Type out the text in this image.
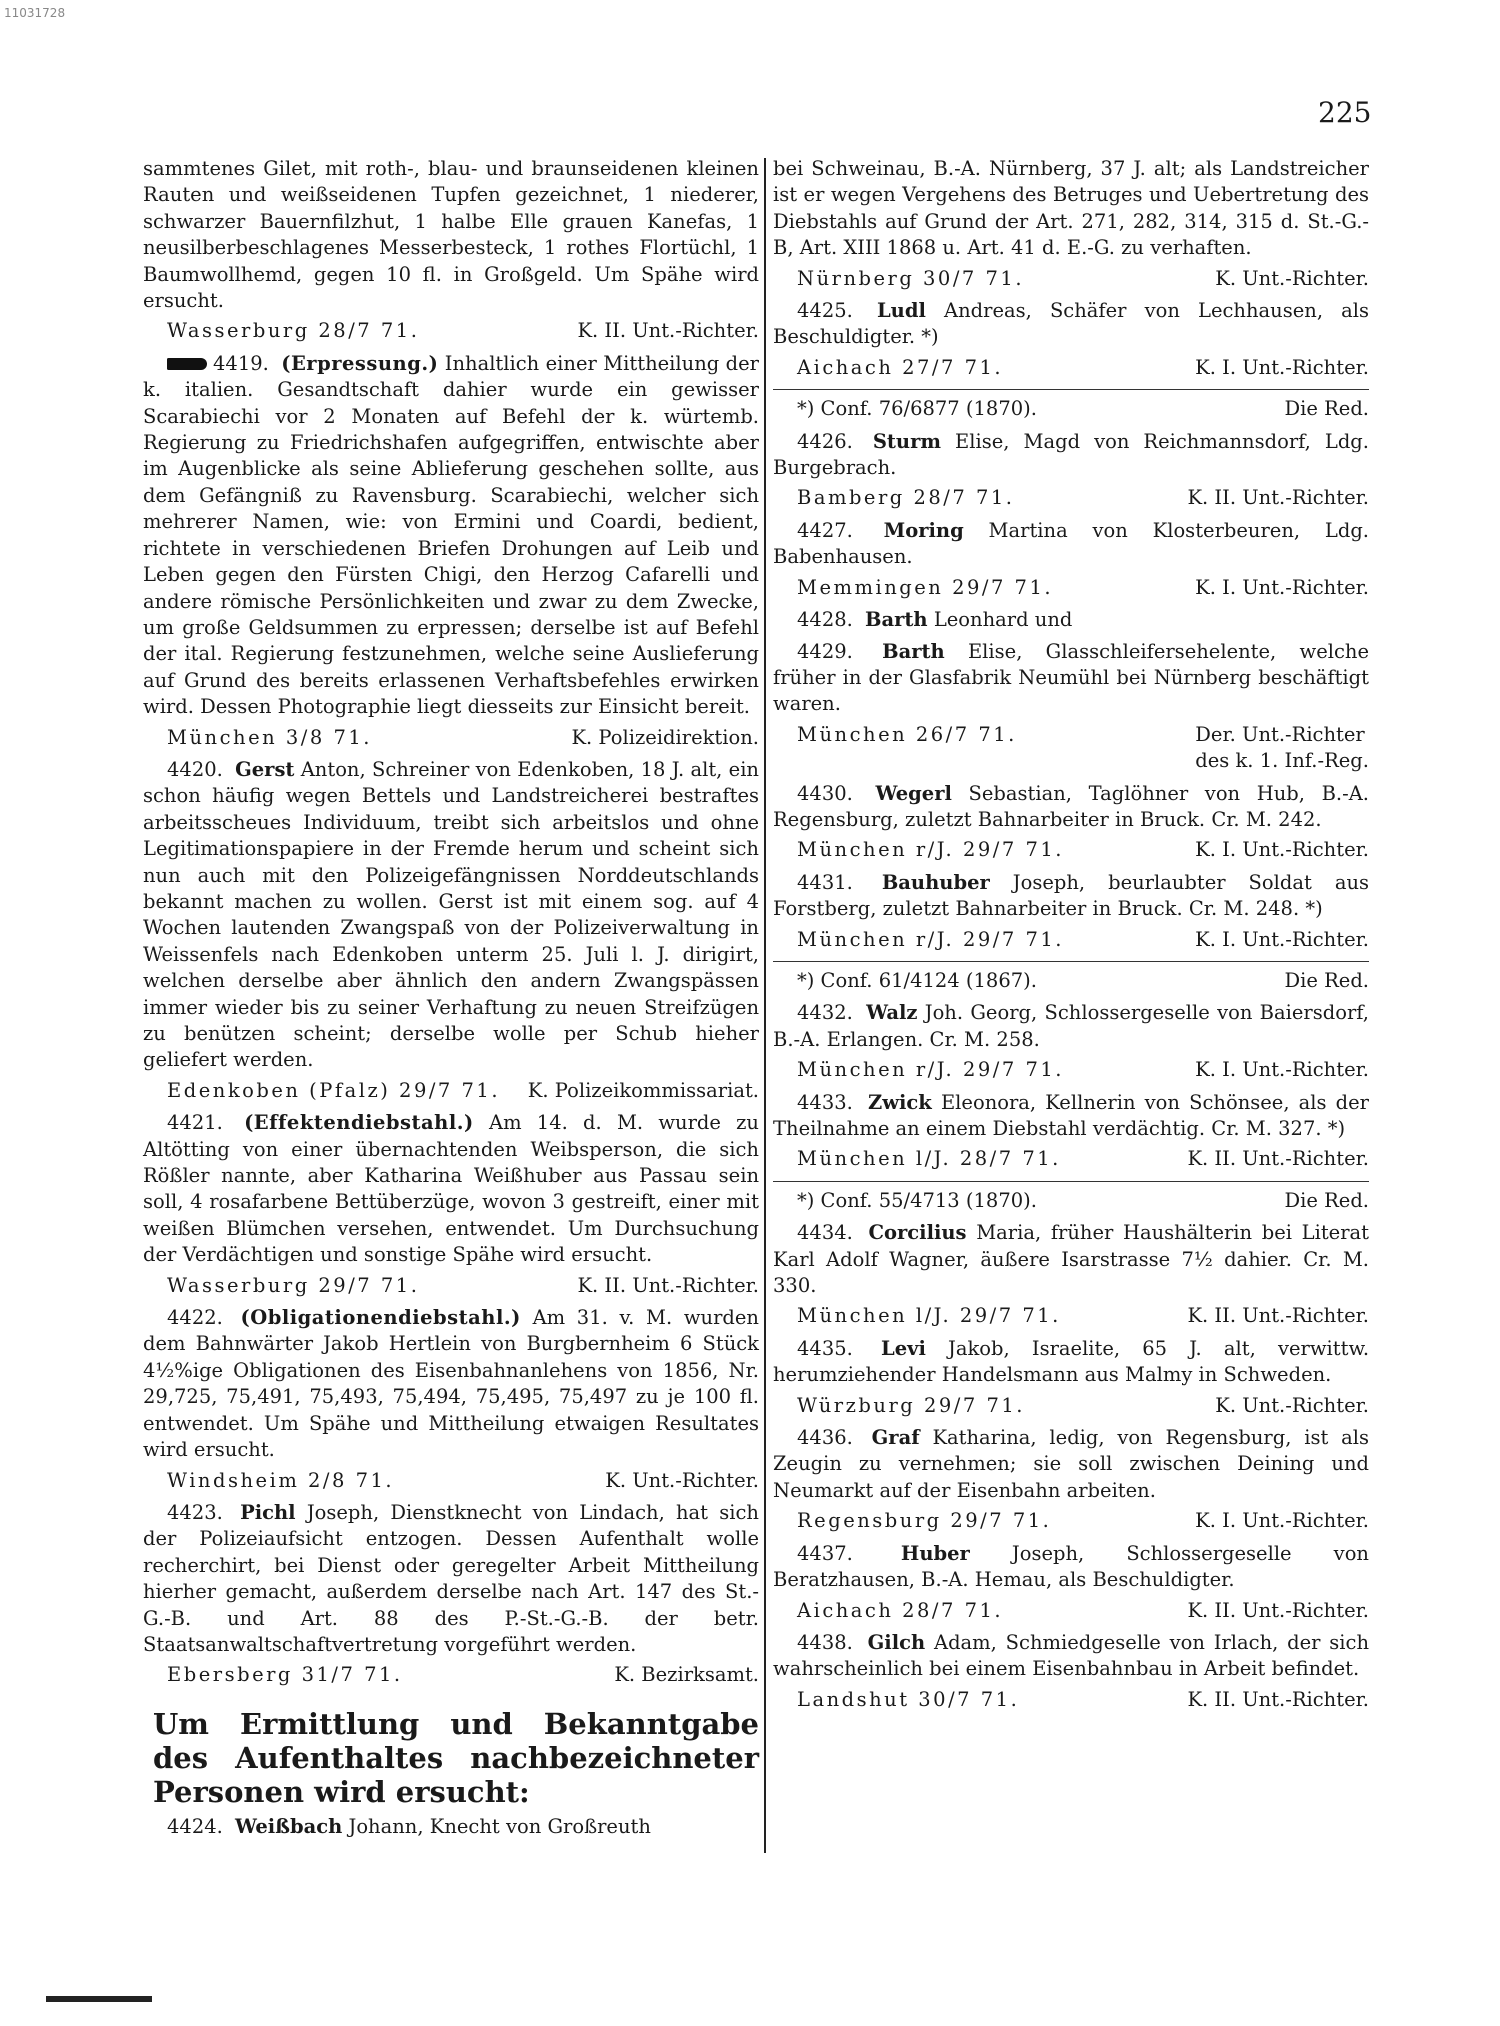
11031728
225

sammtenes Gilet, mit roth-, blau- und braunseidenen kleinen Rauten und weißseidenen Tupfen gezeichnet, 1 niederer, schwarzer Bauernfilzhut, 1 halbe Elle grauen Kanefas, 1 neusilberbeschlagenes Messerbesteck, 1 rothes Flortüchl, 1 Baumwollhemd, gegen 10 fl. in Großgeld. Um Spähe wird ersucht.

Wasserburg 28/7 71.	K. II. Unt.-Richter.

4419. (Erpressung.) Inhaltlich einer Mittheilung der k. italien. Gesandtschaft dahier wurde ein gewisser Scarabiechi vor 2 Monaten auf Befehl der k. würtemb. Regierung zu Friedrichshafen aufgegriffen, entwischte aber im Augenblicke als seine Ablieferung geschehen sollte, aus dem Gefängniß zu Ravensburg. Scarabiechi, welcher sich mehrerer Namen, wie: von Ermini und Coardi, bedient, richtete in verschiedenen Briefen Drohungen auf Leib und Leben gegen den Fürsten Chigi, den Herzog Cafarelli und andere römische Persönlichkeiten und zwar zu dem Zwecke, um große Geldsummen zu erpressen; derselbe ist auf Befehl der ital. Regierung festzunehmen, welche seine Auslieferung auf Grund des bereits erlassenen Verhaftsbefehles erwirken wird. Dessen Photographie liegt diesseits zur Einsicht bereit.

München 3/8 71.	K. Polizeidirektion.

4420. Gerst Anton, Schreiner von Edenkoben, 18 J. alt, ein schon häufig wegen Bettels und Landstreicherei bestraftes arbeitsscheues Individuum, treibt sich arbeitslos und ohne Legitimationspapiere in der Fremde herum und scheint sich nun auch mit den Polizeigefängnissen Norddeutschlands bekannt machen zu wollen. Gerst ist mit einem sog. auf 4 Wochen lautenden Zwangspaß von der Polizeiverwaltung in Weissenfels nach Edenkoben unterm 25. Juli l. J. dirigirt, welchen derselbe aber ähnlich den andern Zwangspässen immer wieder bis zu seiner Verhaftung zu neuen Streifzügen zu benützen scheint; derselbe wolle per Schub hieher geliefert werden.

Edenkoben (Pfalz) 29/7 71. K. Polizeikommissariat.

4421. (Effektendiebstahl.) Am 14. d. M. wurde zu Altötting von einer übernachtenden Weibsperson, die sich Rößler nannte, aber Katharina Weißhuber aus Passau sein soll, 4 rosafarbene Bettüberzüge, wovon 3 gestreift, einer mit weißen Blümchen versehen, entwendet. Um Durchsuchung der Verdächtigen und sonstige Spähe wird ersucht.

Wasserburg 29/7 71.	K. II. Unt.-Richter.

4422. (Obligationendiebstahl.) Am 31. v. M. wurden dem Bahnwärter Jakob Hertlein von Burgbernheim 6 Stück 4½%ige Obligationen des Eisenbahnanlehens von 1856, Nr. 29,725, 75,491, 75,493, 75,494, 75,495, 75,497 zu je 100 fl. entwendet. Um Spähe und Mittheilung etwaigen Resultates wird ersucht.

Windsheim 2/8 71.	K. Unt.-Richter.

4423. Pichl Joseph, Dienstknecht von Lindach, hat sich der Polizeiaufsicht entzogen. Dessen Aufenthalt wolle recherchirt, bei Dienst oder geregelter Arbeit Mittheilung hierher gemacht, außerdem derselbe nach Art. 147 des St.-G.-B. und Art. 88 des P.-St.-G.-B. der betr. Staatsanwaltschaftvertretung vorgeführt werden.

Ebersberg 31/7 71.	K. Bezirksamt.

Um Ermittlung und Bekanntgabe des Aufenthaltes nachbezeichneter Personen wird ersucht:

4424. Weißbach Johann, Knecht von Großreuth

bei Schweinau, B.-A. Nürnberg, 37 J. alt; als Landstreicher ist er wegen Vergehens des Betruges und Uebertretung des Diebstahls auf Grund der Art. 271, 282, 314, 315 d. St.-G.-B, Art. XIII 1868 u. Art. 41 d. E.-G. zu verhaften.

Nürnberg 30/7 71.	K. Unt.-Richter.

4425. Ludl Andreas, Schäfer von Lechhausen, als Beschuldigter. *)

Aichach 27/7 71.	K. I. Unt.-Richter.

*) Conf. 76/6877 (1870).	Die Red.

4426. Sturm Elise, Magd von Reichmannsdorf, Ldg. Burgebrach.

Bamberg 28/7 71.	K. II. Unt.-Richter.

4427. Moring Martina von Klosterbeuren, Ldg. Babenhausen.

Memmingen 29/7 71.	K. I. Unt.-Richter.

4428. Barth Leonhard und

4429. Barth Elise, Glasschleifersehelente, welche früher in der Glasfabrik Neumühl bei Nürnberg beschäftigt waren.

München 26/7 71.	Der. Unt.-Richter
des k. 1. Inf.-Reg.

4430. Wegerl Sebastian, Taglöhner von Hub, B.-A. Regensburg, zuletzt Bahnarbeiter in Bruck. Cr. M. 242.

München r/J. 29/7 71.	K. I. Unt.-Richter.

4431. Bauhuber Joseph, beurlaubter Soldat aus Forstberg, zuletzt Bahnarbeiter in Bruck. Cr. M. 248. *)

München r/J. 29/7 71.	K. I. Unt.-Richter.

*) Conf. 61/4124 (1867).	Die Red.

4432. Walz Joh. Georg, Schlossergeselle von Baiersdorf, B.-A. Erlangen. Cr. M. 258.

München r/J. 29/7 71.	K. I. Unt.-Richter.

4433. Zwick Eleonora, Kellnerin von Schönsee, als der Theilnahme an einem Diebstahl verdächtig. Cr. M. 327. *)

München l/J. 28/7 71.	K. II. Unt.-Richter.

*) Conf. 55/4713 (1870).	Die Red.

4434. Corcilius Maria, früher Haushälterin bei Literat Karl Adolf Wagner, äußere Isarstrasse 7½ dahier. Cr. M. 330.

München l/J. 29/7 71.	K. II. Unt.-Richter.

4435. Levi Jakob, Israelite, 65 J. alt, verwittw. herumziehender Handelsmann aus Malmy in Schweden.

Würzburg 29/7 71.	K. Unt.-Richter.

4436. Graf Katharina, ledig, von Regensburg, ist als Zeugin zu vernehmen; sie soll zwischen Deining und Neumarkt auf der Eisenbahn arbeiten.

Regensburg 29/7 71.	K. I. Unt.-Richter.

4437. Huber Joseph, Schlossergeselle von Beratzhausen, B.-A. Hemau, als Beschuldigter.

Aichach 28/7 71.	K. II. Unt.-Richter.

4438. Gilch Adam, Schmiedgeselle von Irlach, der sich wahrscheinlich bei einem Eisenbahnbau in Arbeit befindet.

Landshut 30/7 71.	K. II. Unt.-Richter.
